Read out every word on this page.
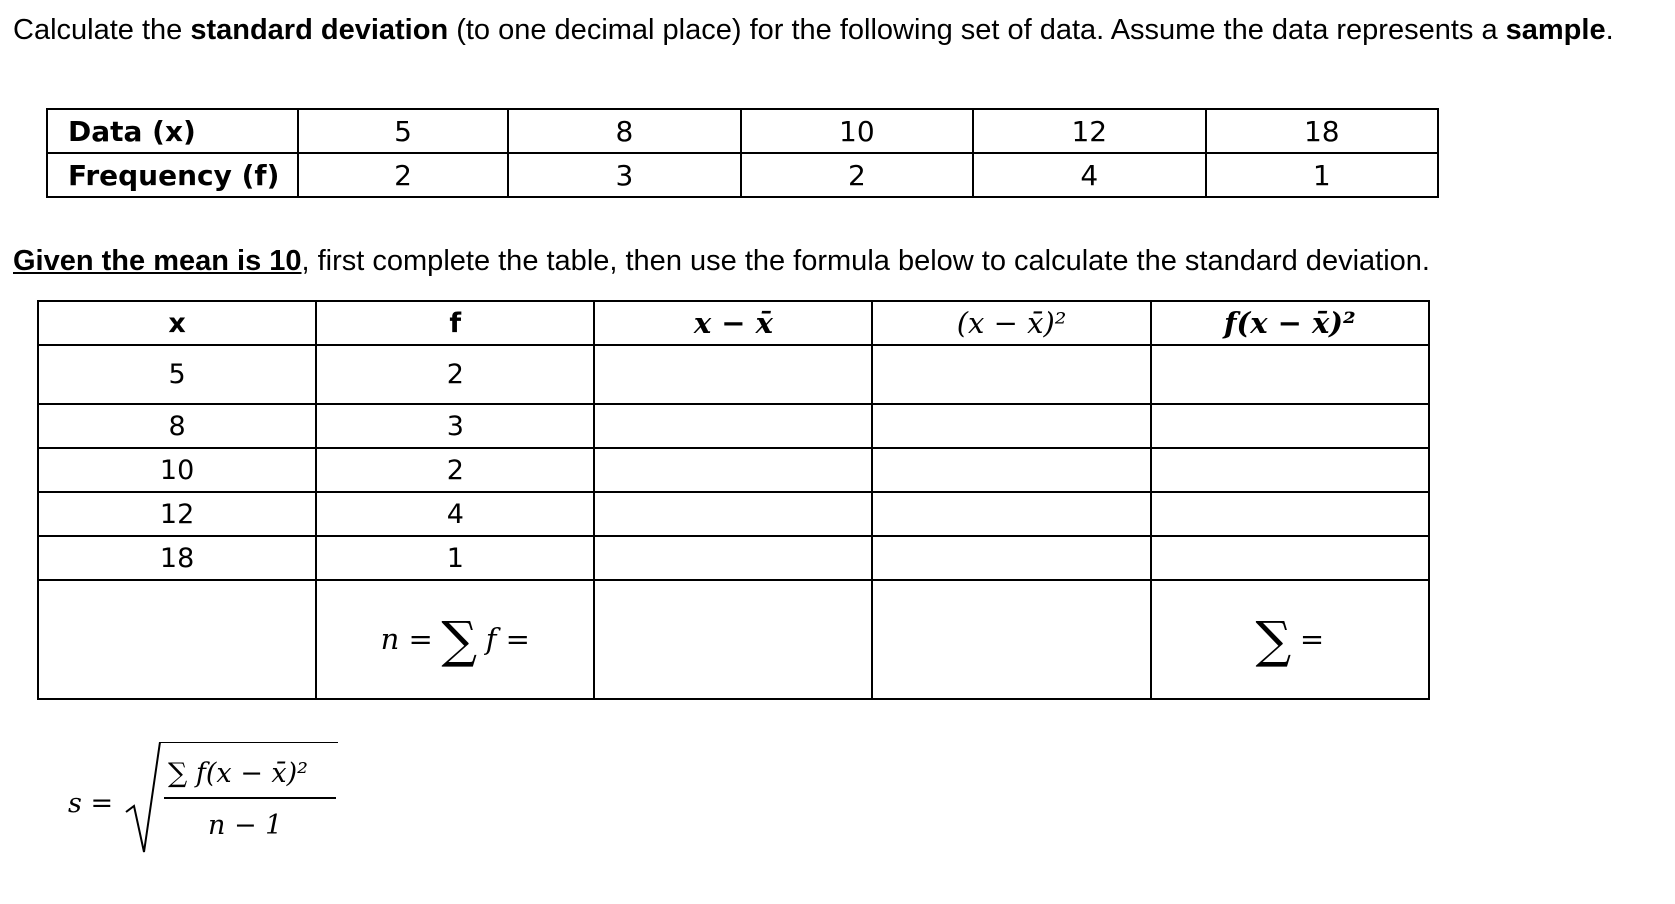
Calculate the standard deviation (to one decimal place) for the following set of data. Assume the data represents a sample.
Data (x)	5	8	10	12	18
Frequency (f)	2	3	2	4	1
Given the mean is 10, first complete the table, then use the formula below to calculate the standard deviation.
x	f	x − x̄	(x − x̄)²	f(x − x̄)²
5	2			
8	3			
10	2			
12	4			
18	1			
	n = ∑ f =			∑ =
s =
∑ f(x − x̄)²
n − 1
